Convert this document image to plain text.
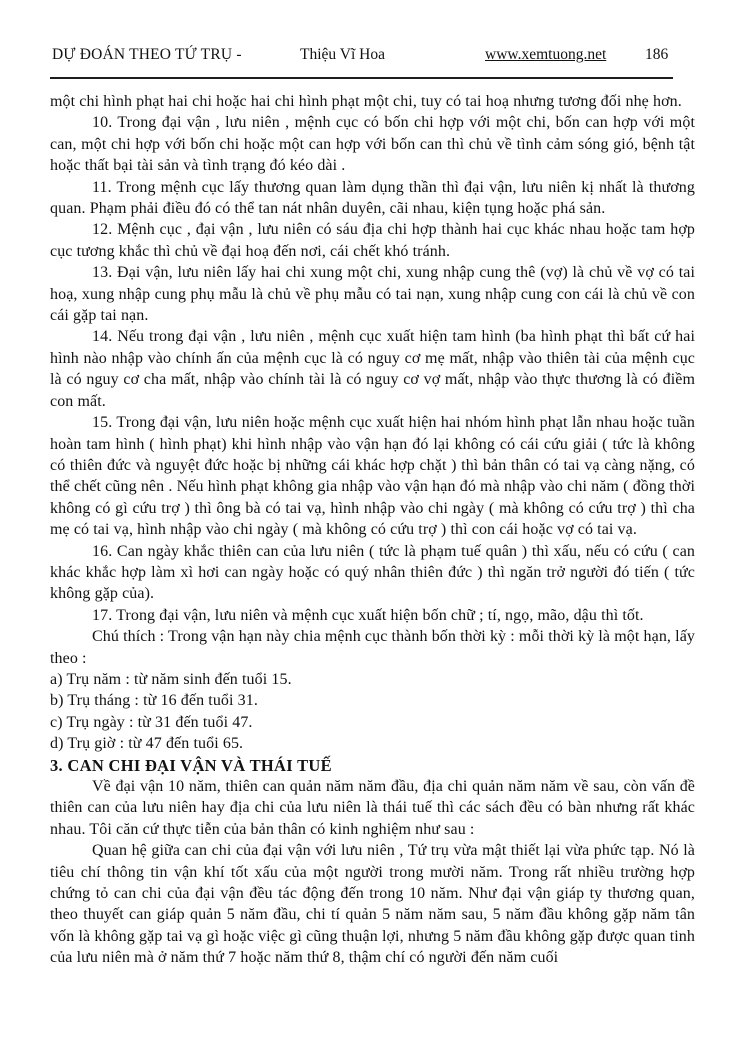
DỰ ĐOÁN THEO TỨ TRỤ -	Thiệu Vĩ Hoa	www.xemtuong.net 186

một chi hình phạt hai chi hoặc hai chi hình phạt một chi, tuy có tai hoạ nhưng tương đối nhẹ hơn.

10. Trong đại vận , lưu niên , mệnh cục có bốn chi hợp với một chi, bốn can hợp với một can, một chi hợp với bốn chi hoặc một can hợp với bốn can thì chủ về tình cảm sóng gió, bệnh tật hoặc thất bại tài sản và tình trạng đó kéo dài .

11. Trong mệnh cục lấy thương quan làm dụng thần thì đại vận, lưu niên kị nhất là thương quan. Phạm phải điều đó có thể tan nát nhân duyên, cãi nhau, kiện tụng hoặc phá sản.

12. Mệnh cục , đại vận , lưu niên có sáu địa chi hợp thành hai cục khác nhau hoặc tam hợp cục tương khắc thì chủ về đại hoạ đến nơi, cái chết khó tránh.

13. Đại vận, lưu niên lấy hai chi xung một chi, xung nhập cung thê (vợ) là chủ về vợ có tai hoạ, xung nhập cung phụ mẫu là chủ về phụ mẫu có tai nạn, xung nhập cung con cái là chủ về con cái gặp tai nạn.

14. Nếu trong đại vận , lưu niên , mệnh cục xuất hiện tam hình (ba hình phạt thì bất cứ hai hình nào nhập vào chính ấn của mệnh cục là có nguy cơ mẹ mất, nhập vào thiên tài của mệnh cục là có nguy cơ cha mất, nhập vào chính tài là có nguy cơ vợ mất, nhập vào thực thương là có điềm con mất.

15. Trong đại vận, lưu niên hoặc mệnh cục xuất hiện hai nhóm hình phạt lẫn nhau hoặc tuần hoàn tam hình ( hình phạt) khi hình nhập vào vận hạn đó lại không có cái cứu giải ( tức là không có thiên đức và nguyệt đức hoặc bị những cái khác hợp chặt ) thì bản thân có tai vạ càng nặng, có thể chết cũng nên . Nếu hình phạt không gia nhập vào vận hạn đó mà nhập vào chi năm ( đồng thời không có gì cứu trợ ) thì ông bà có tai vạ, hình nhập vào chi ngày ( mà không có cứu trợ ) thì cha mẹ có tai vạ, hình nhập vào chi ngày ( mà không có cứu trợ ) thì con cái hoặc vợ có tai vạ.

16. Can ngày khắc thiên can của lưu niên ( tức là phạm tuế quân ) thì xấu, nếu có cứu ( can khác khắc hợp làm xì hơi can ngày hoặc có quý nhân thiên đức ) thì ngăn trở người đó tiến ( tức không gặp của).

17. Trong đại vận, lưu niên và mệnh cục xuất hiện bốn chữ ; tí, ngọ, mão, dậu thì tốt.

Chú thích : Trong vận hạn này chia mệnh cục thành bốn thời kỳ : mỗi thời kỳ là một hạn, lấy theo :

a) Trụ năm : từ năm sinh đến tuổi 15.

b) Trụ tháng : từ 16 đến tuổi 31.

c) Trụ ngày : từ 31 đến tuổi 47.

d) Trụ giờ : từ 47 đến tuổi 65.

3. CAN CHI ĐẠI VẬN VÀ THÁI TUẾ

Về đại vận 10 năm, thiên can quản năm năm đầu, địa chi quản năm năm về sau, còn vấn đề thiên can của lưu niên hay địa chi của lưu niên là thái tuế thì các sách đều có bàn nhưng rất khác nhau. Tôi căn cứ thực tiễn của bản thân có kinh nghiệm như sau :

Quan hệ giữa can chi của đại vận với lưu niên , Tứ trụ vừa mật thiết lại vừa phức tạp. Nó là tiêu chí thông tin vận khí tốt xấu của một người trong mười năm. Trong rất nhiều trường hợp chứng tỏ can chi của đại vận đều tác động đến trong 10 năm. Như đại vận giáp ty thương quan, theo thuyết can giáp quản 5 năm đầu, chi tí quản 5 năm năm sau, 5 năm đầu không gặp năm tân vốn là không gặp tai vạ gì hoặc việc gì cũng thuận lợi, nhưng 5 năm đầu không gặp được quan tinh của lưu niên mà ở năm thứ 7 hoặc năm thứ 8, thậm chí có người đến năm cuối
